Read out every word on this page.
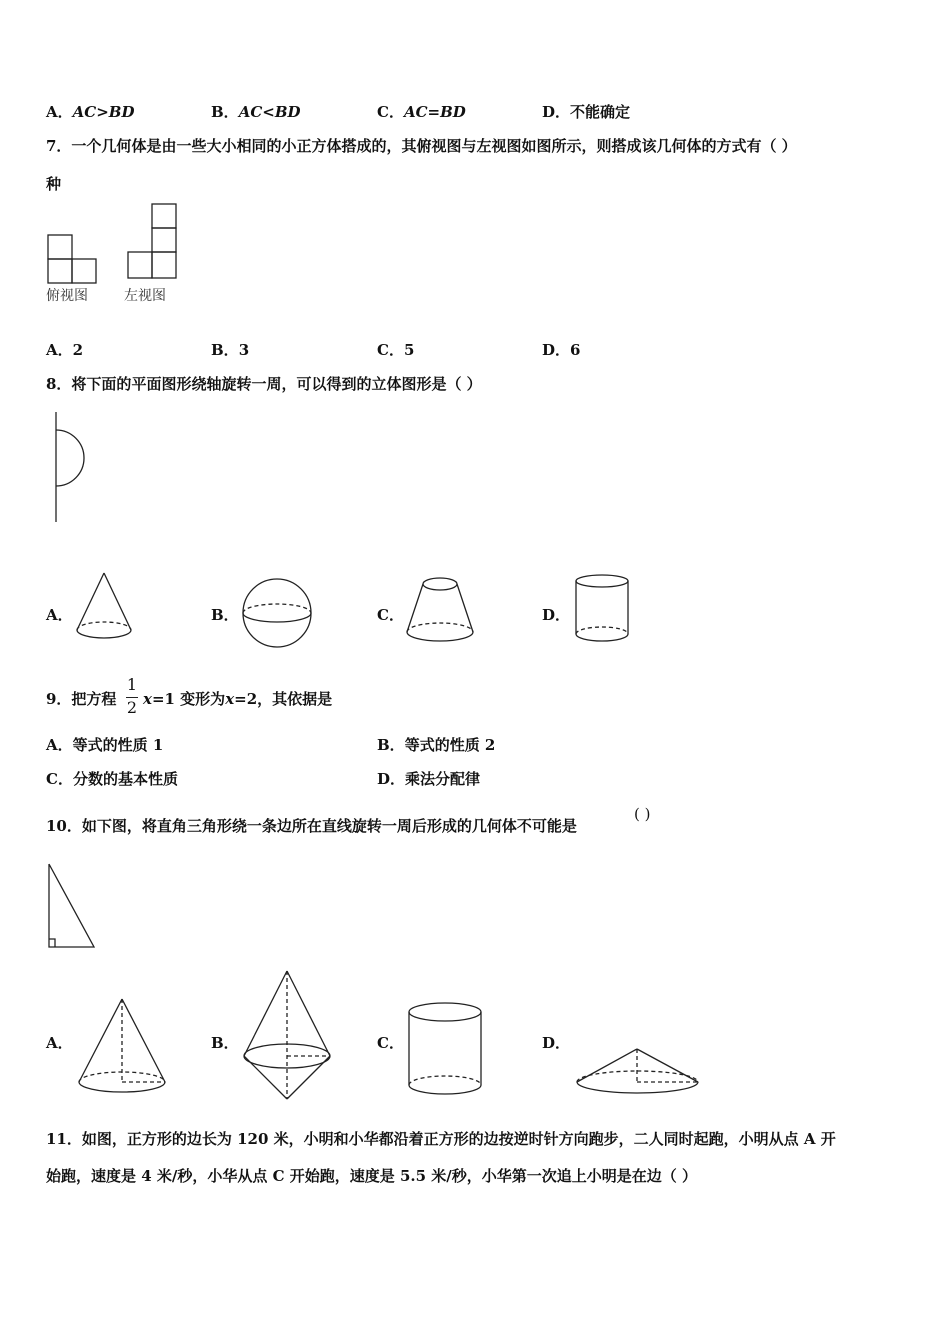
A．AC>BD	B．AC<BD	C．AC=BD	D．不能确定
7．一个几何体是由一些大小相同的小正方体搭成的，其俯视图与左视图如图所示，则搭成该几何体的方式有（ ）
种
俯视图	左视图
A．2	B．3	C．5	D．6
8．将下面的平面图形绕轴旋转一周，可以得到的立体图形是（ ）
A．	B．	C．	D．
9．把方程
1
2 x=1 变形为x=2，其依据是
A．等式的性质 1	B．等式的性质 2
C．分数的基本性质	D．乘法分配律
10．如下图，将直角三角形绕一条边所在直线旋转一周后形成的几何体不可能是
( )
A．	B．	C．	D．
11．如图，正方形的边长为 120 米，小明和小华都沿着正方形的边按逆时针方向跑步，二人同时起跑，小明从点 A 开
始跑，速度是 4 米/秒，小华从点 C 开始跑，速度是 5.5 米/秒，小华第一次追上小明是在边（ ）
